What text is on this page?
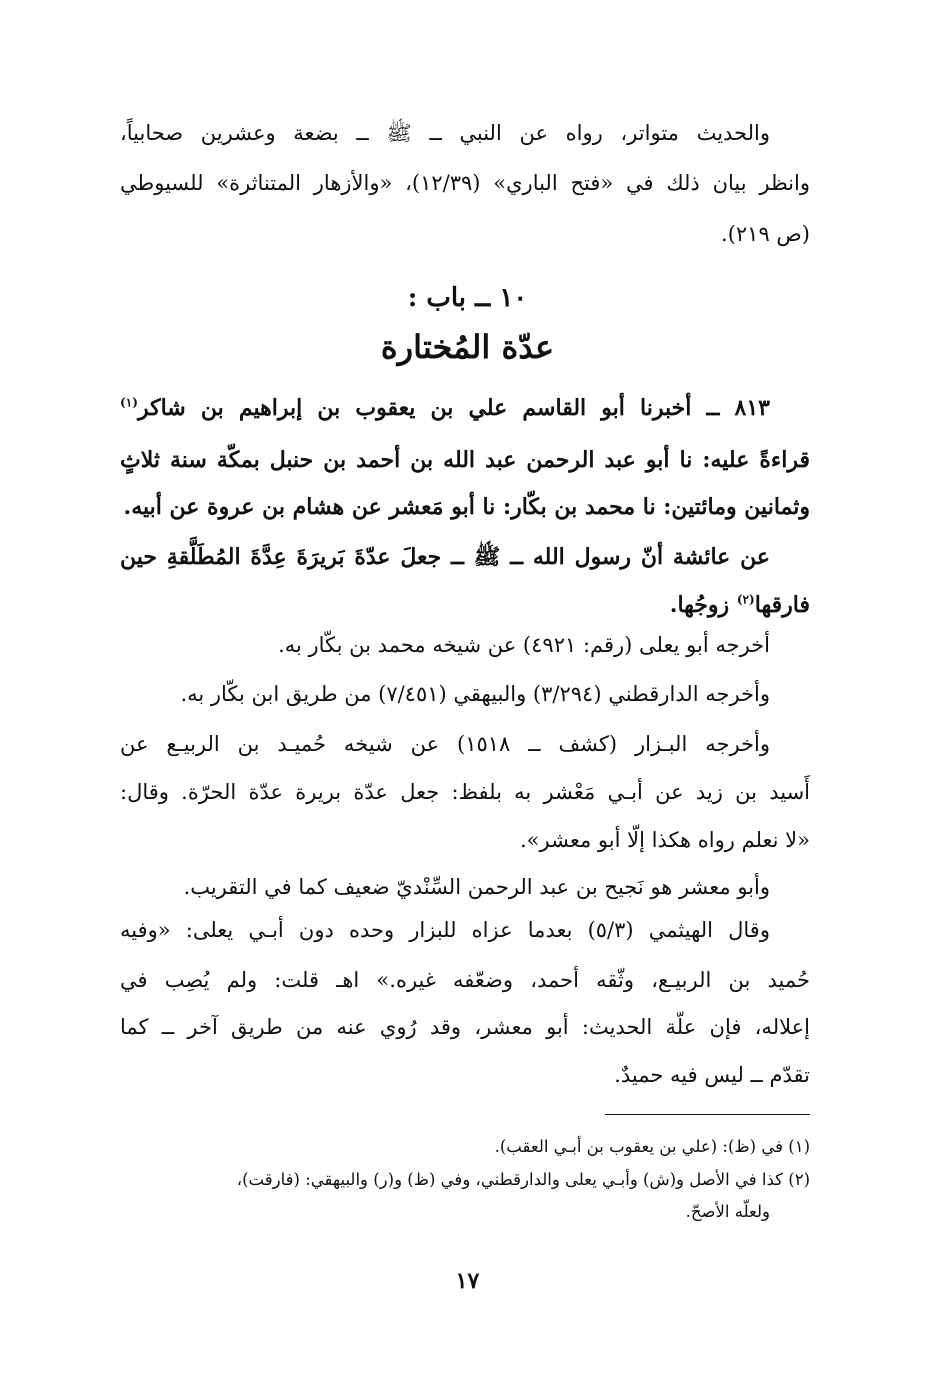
والحديث متواتر، رواه عن النبي ــ ﷺ ــ بضعة وعشرين صحابياً،
وانظر بيان ذلك في «فتح الباري» (١٢/٣٩)، «والأزهار المتناثرة» للسيوطي
(ص ٢١٩).
١٠ ــ باب :
عدّة المُختارة
٨١٣ ــ أخبرنا أبو القاسم علي بن يعقوب بن إبراهيم بن شاكر$^{(١)}$
قراءةً عليه: نا أبو عبد الرحمن عبد الله بن أحمد بن حنبل بمكّة سنة ثلاثٍ
وثمانين ومائتين: نا محمد بن بكّار: نا أبو مَعشر عن هشام بن عروة عن أبيه.
عن عائشة أنّ رسول الله ــ ﷺ ــ جعلَ عدّةَ بَريرَةَ عِدَّةَ المُطَلَّقةِ حين
فارقها$^{(٢)}$ زوجُها.
أخرجه أبو يعلى (رقم: ٤٩٢١) عن شيخه محمد بن بكّار به.
وأخرجه الدارقطني (٣/٢٩٤) والبيهقي (٧/٤٥١) من طريق ابن بكّار به.
وأخرجه البـزار (كشف ــ ١٥١٨) عن شيخه حُميـد بن الربيـع عن
أَسيد بن زيد عن أبـي مَعْشر به بلفظ: جعل عدّة بريرة عدّة الحرّة. وقال:
«لا نعلم رواه هكذا إلّا أبو معشر».
وأبو معشر هو نَجيح بن عبد الرحمن السِّنْديّ ضعيف كما في التقريب.
وقال الهيثمي (٥/٣) بعدما عزاه للبزار وحده دون أبـي يعلى: «وفيه
حُميد بن الربيـع، وثّقه أحمد، وضعّفه غيره.» اهـ قلت: ولم يُصِب في
إعلاله، فإن علّة الحديث: أبو معشر، وقد رُوي عنه من طريق آخر ــ كما
تقدّم ــ ليس فيه حميدٌ.
(١) في (ظ): (علي بن يعقوب بن أبـي العقب).
(٢) كذا في الأصل و(ش) وأبـي يعلى والدارقطني، وفي (ظ) و(ر) والبيهقي: (فارقت)،
ولعلّه الأصحّ.
١٧
